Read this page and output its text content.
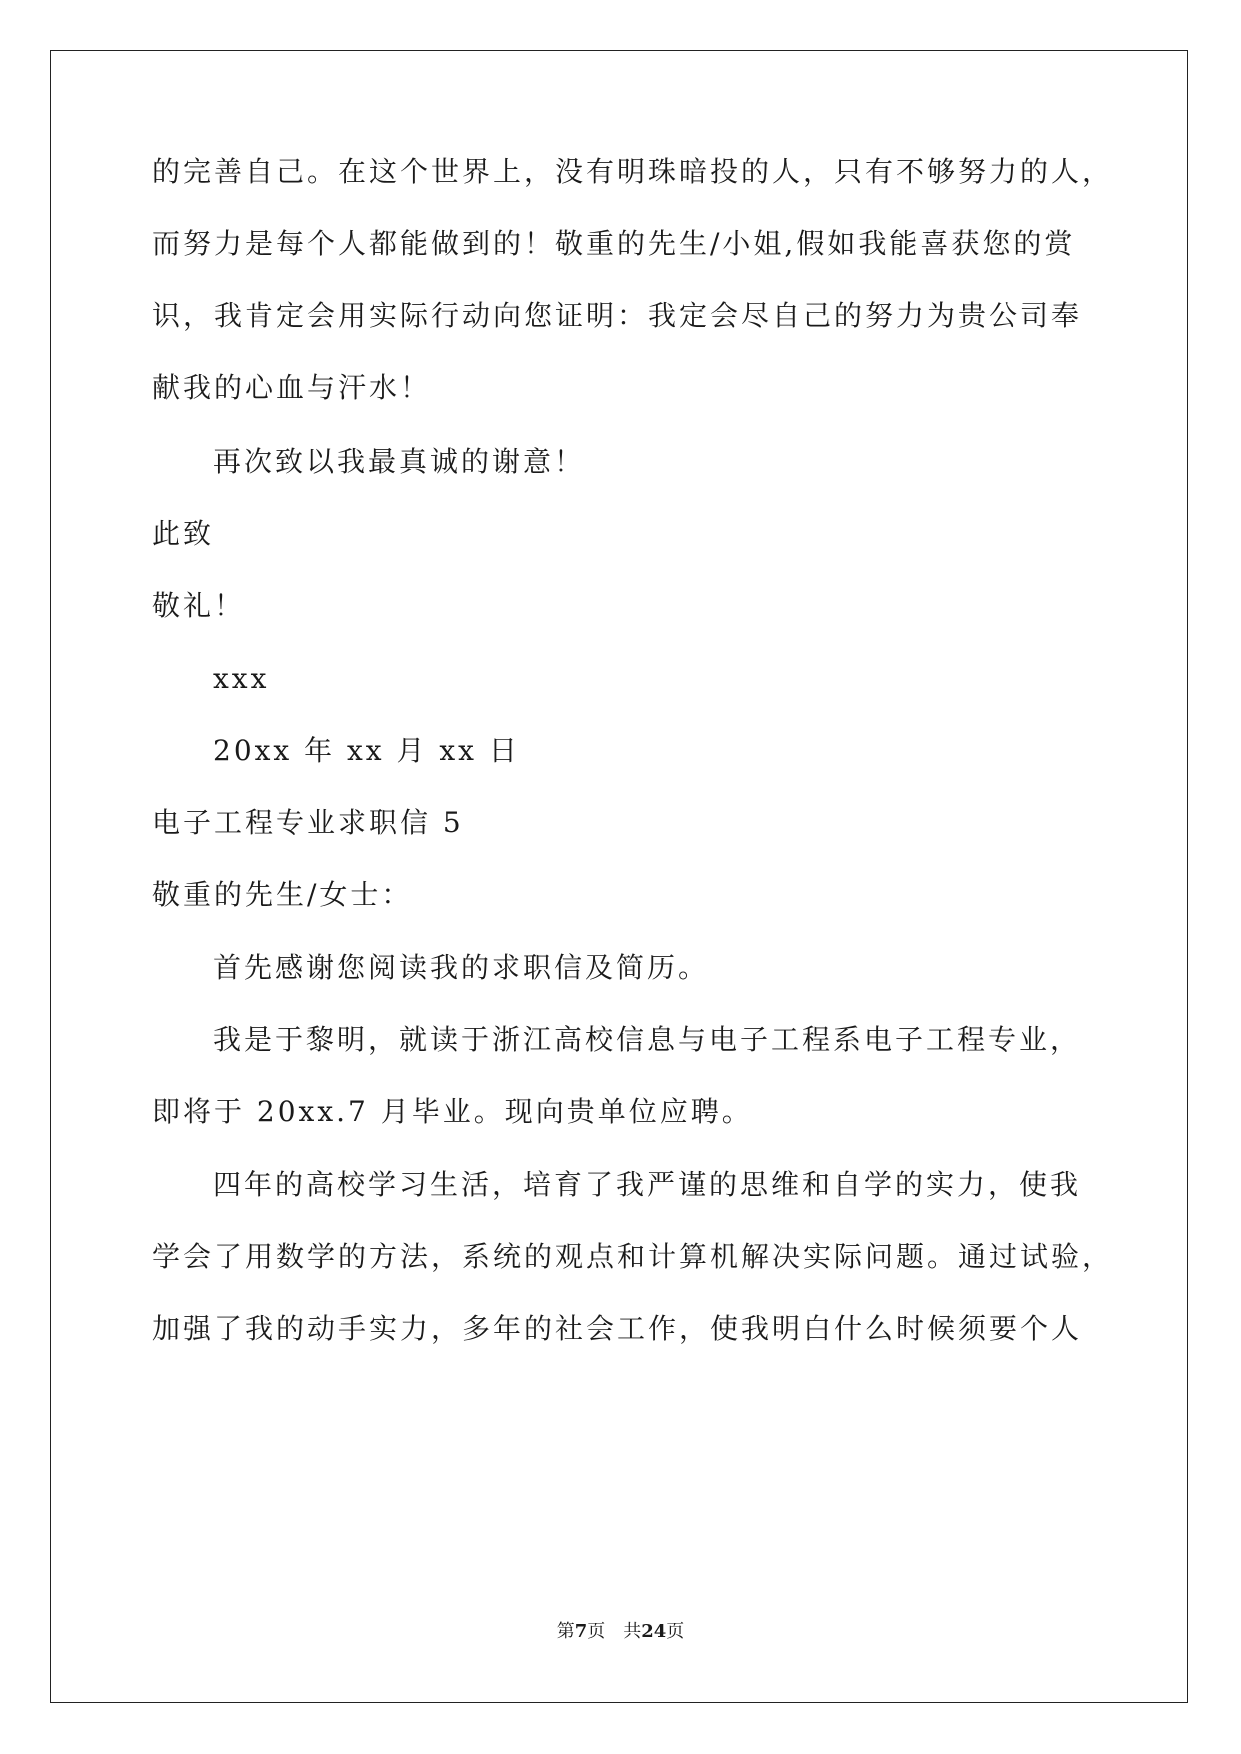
的完善自己。在这个世界上，没有明珠暗投的人，只有不够努力的人，
而努力是每个人都能做到的！敬重的先生/小姐,假如我能喜获您的赏
识，我肯定会用实际行动向您证明：我定会尽自己的努力为贵公司奉
献我的心血与汗水！
再次致以我最真诚的谢意！
此致
敬礼！
xxx
20xx 年 xx 月 xx 日
电子工程专业求职信 5
敬重的先生/女士：
首先感谢您阅读我的求职信及简历。
我是于黎明，就读于浙江高校信息与电子工程系电子工程专业，
即将于 20xx.7 月毕业。现向贵单位应聘。
四年的高校学习生活，培育了我严谨的思维和自学的实力，使我
学会了用数学的方法，系统的观点和计算机解决实际问题。通过试验，
加强了我的动手实力，多年的社会工作，使我明白什么时候须要个人
第7页 共24页
